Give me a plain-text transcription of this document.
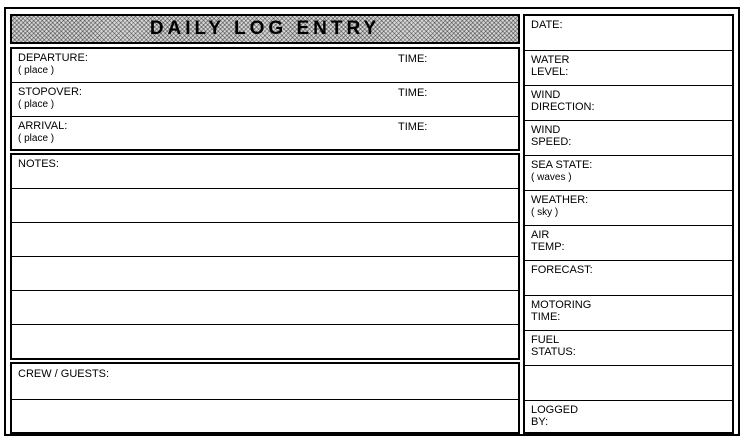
DAILY LOG ENTRY
DEPARTURE:
( place )
TIME:
STOPOVER:
( place )
TIME:
ARRIVAL:
( place )
TIME:
NOTES:
CREW / GUESTS:
DATE:
WATER
LEVEL:
WIND
DIRECTION:
WIND
SPEED:
SEA STATE:
( waves )
WEATHER:
( sky )
AIR
TEMP:
FORECAST:
MOTORING
TIME:
FUEL
STATUS:
LOGGED
BY:
